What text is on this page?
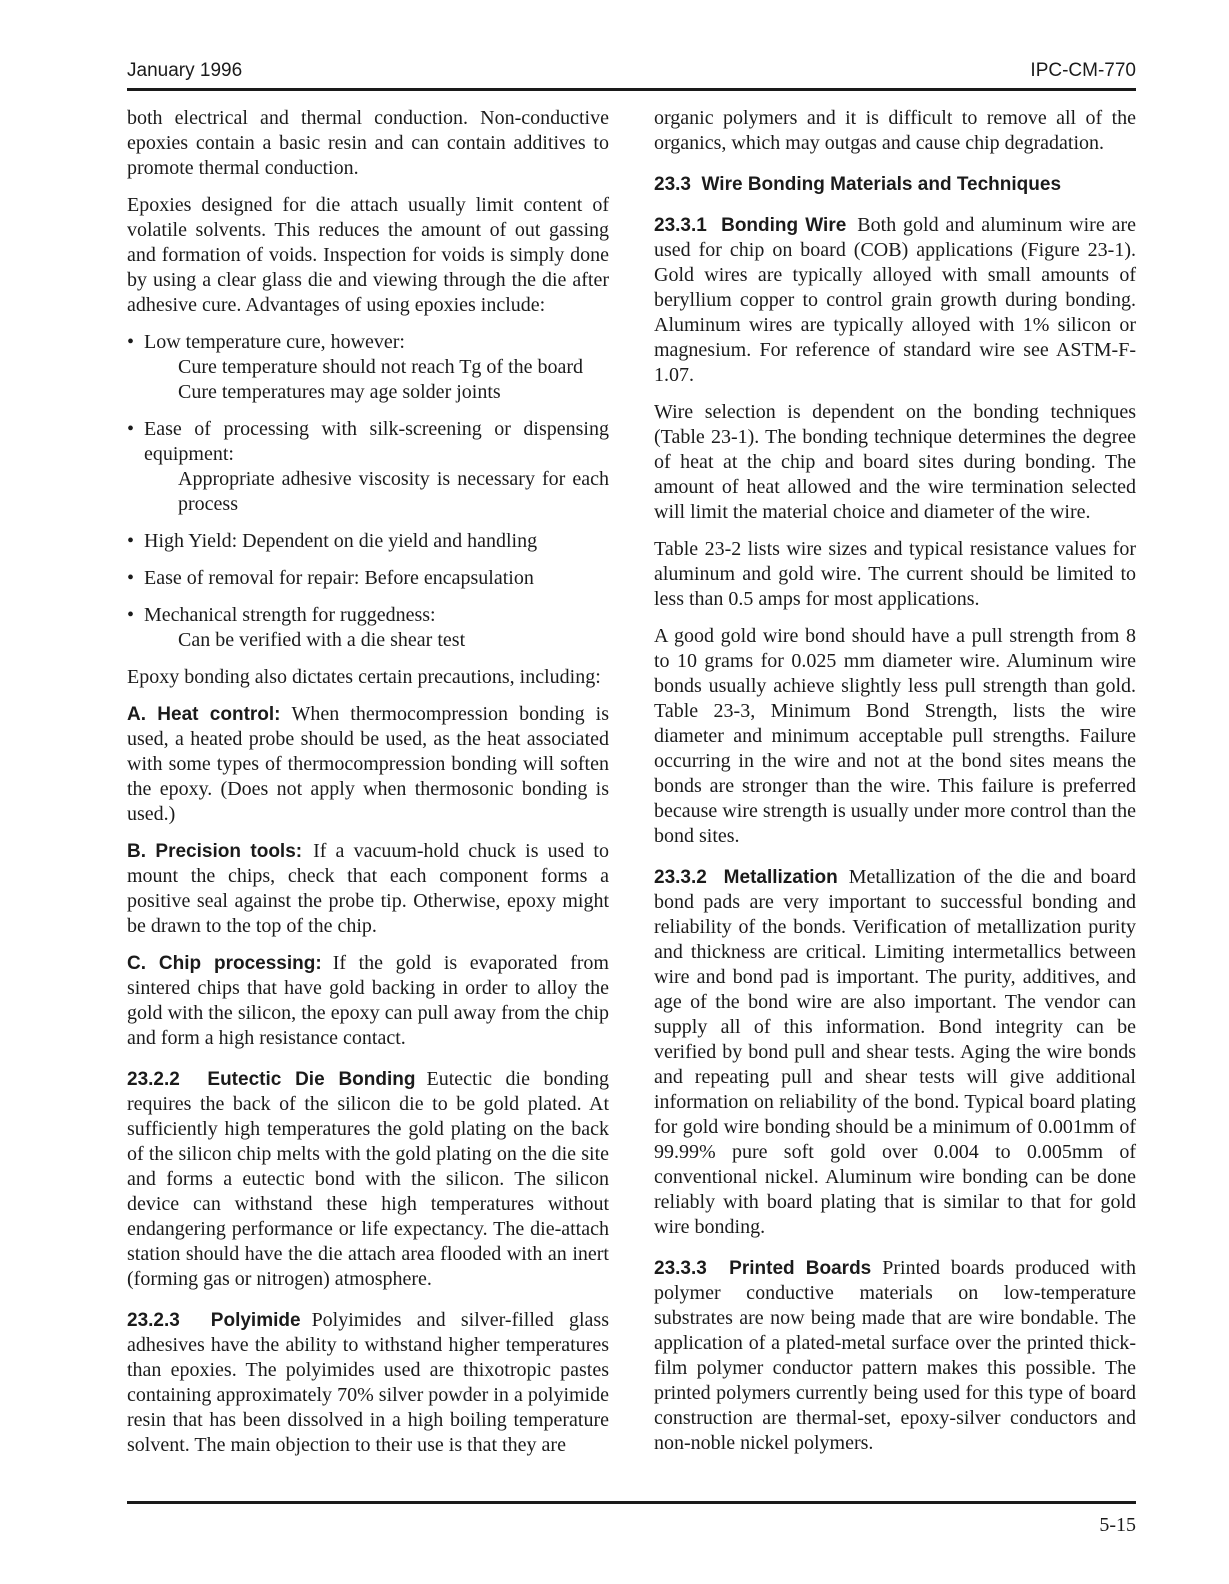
January 1996	IPC-CM-770

both electrical and thermal conduction. Non-conductive epoxies contain a basic resin and can contain additives to promote thermal conduction.

Epoxies designed for die attach usually limit content of volatile solvents. This reduces the amount of out gassing and formation of voids. Inspection for voids is simply done by using a clear glass die and viewing through the die after adhesive cure. Advantages of using epoxies include:

• Low temperature cure, however:
Cure temperature should not reach Tg of the board
Cure temperatures may age solder joints
• Ease of processing with silk-screening or dispensing equipment:
Appropriate adhesive viscosity is necessary for each process
• High Yield: Dependent on die yield and handling
• Ease of removal for repair: Before encapsulation
• Mechanical strength for ruggedness:
Can be verified with a die shear test

Epoxy bonding also dictates certain precautions, including:

A. Heat control: When thermocompression bonding is used, a heated probe should be used, as the heat associated with some types of thermocompression bonding will soften the epoxy. (Does not apply when thermosonic bonding is used.)

B. Precision tools: If a vacuum-hold chuck is used to mount the chips, check that each component forms a positive seal against the probe tip. Otherwise, epoxy might be drawn to the top of the chip.

C. Chip processing: If the gold is evaporated from sintered chips that have gold backing in order to alloy the gold with the silicon, the epoxy can pull away from the chip and form a high resistance contact.

23.2.2  Eutectic Die Bonding Eutectic die bonding requires the back of the silicon die to be gold plated. At sufficiently high temperatures the gold plating on the back of the silicon chip melts with the gold plating on the die site and forms a eutectic bond with the silicon. The silicon device can withstand these high temperatures without endangering performance or life expectancy. The die-attach station should have the die attach area flooded with an inert (forming gas or nitrogen) atmosphere.

23.2.3  Polyimide Polyimides and silver-filled glass adhesives have the ability to withstand higher temperatures than epoxies. The polyimides used are thixotropic pastes containing approximately 70% silver powder in a polyimide resin that has been dissolved in a high boiling temperature solvent. The main objection to their use is that they are

organic polymers and it is difficult to remove all of the organics, which may outgas and cause chip degradation.

23.3  Wire Bonding Materials and Techniques

23.3.1  Bonding Wire Both gold and aluminum wire are used for chip on board (COB) applications (Figure 23-1). Gold wires are typically alloyed with small amounts of beryllium copper to control grain growth during bonding. Aluminum wires are typically alloyed with 1% silicon or magnesium. For reference of standard wire see ASTM-F-1.07.

Wire selection is dependent on the bonding techniques (Table 23-1). The bonding technique determines the degree of heat at the chip and board sites during bonding. The amount of heat allowed and the wire termination selected will limit the material choice and diameter of the wire.

Table 23-2 lists wire sizes and typical resistance values for aluminum and gold wire. The current should be limited to less than 0.5 amps for most applications.

A good gold wire bond should have a pull strength from 8 to 10 grams for 0.025 mm diameter wire. Aluminum wire bonds usually achieve slightly less pull strength than gold. Table 23-3, Minimum Bond Strength, lists the wire diameter and minimum acceptable pull strengths. Failure occurring in the wire and not at the bond sites means the bonds are stronger than the wire. This failure is preferred because wire strength is usually under more control than the bond sites.

23.3.2  Metallization Metallization of the die and board bond pads are very important to successful bonding and reliability of the bonds. Verification of metallization purity and thickness are critical. Limiting intermetallics between wire and bond pad is important. The purity, additives, and age of the bond wire are also important. The vendor can supply all of this information. Bond integrity can be verified by bond pull and shear tests. Aging the wire bonds and repeating pull and shear tests will give additional information on reliability of the bond. Typical board plating for gold wire bonding should be a minimum of 0.001mm of 99.99% pure soft gold over 0.004 to 0.005mm of conventional nickel. Aluminum wire bonding can be done reliably with board plating that is similar to that for gold wire bonding.

23.3.3  Printed Boards Printed boards produced with polymer conductive materials on low-temperature substrates are now being made that are wire bondable. The application of a plated-metal surface over the printed thick-film polymer conductor pattern makes this possible. The printed polymers currently being used for this type of board construction are thermal-set, epoxy-silver conductors and non-noble nickel polymers.

5-15
